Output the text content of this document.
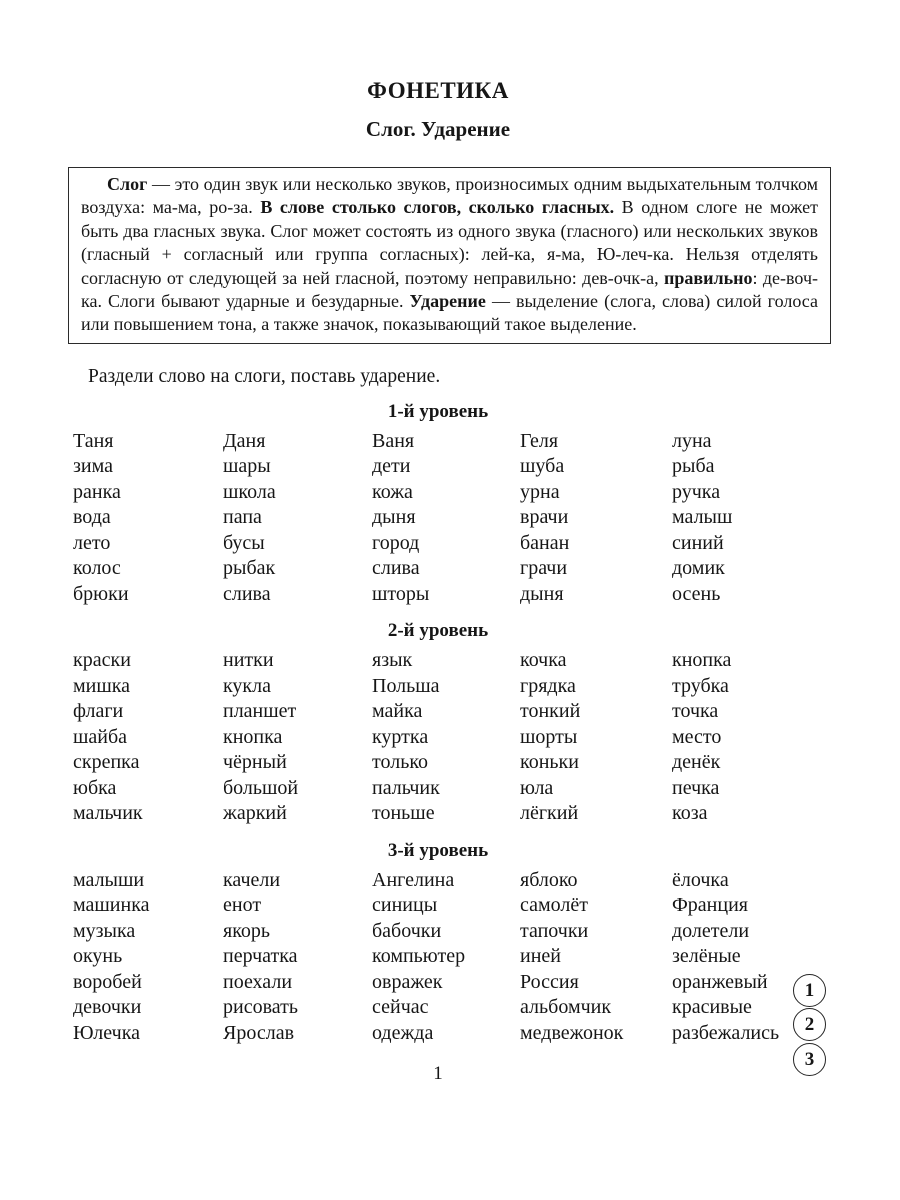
ФОНЕТИКА
Слог. Ударение

Слог — это один звук или несколько звуков, произносимых одним выдыхательным толчком воздуха: ма-ма, ро-за. В слове столько слогов, сколько гласных. В одном слоге не может быть два гласных звука. Слог может состоять из одного звука (гласного) или нескольких звуков (гласный + согласный или группа согласных): лей-ка, я-ма, Ю-леч-ка. Нельзя отделять согласную от следующей за ней гласной, поэтому неправильно: дев-очк-а, правильно: де-воч-ка. Слоги бывают ударные и безударные. Ударение — выделение (слога, слова) силой голоса или повышением тона, а также значок, показывающий такое выделение.

Раздели слово на слоги, поставь ударение.

1-й уровень
Таня	Даня	Ваня	Геля	луна
зима	шары	дети	шуба	рыба
ранка	школа	кожа	урна	ручка
вода	папа	дыня	врачи	малыш
лето	бусы	город	банан	синий
колос	рыбак	слива	грачи	домик
брюки	слива	шторы	дыня	осень
2-й уровень
краски	нитки	язык	кочка	кнопка
мишка	кукла	Польша	грядка	трубка
флаги	планшет	майка	тонкий	точка
шайба	кнопка	куртка	шорты	место
скрепка	чёрный	только	коньки	денёк
юбка	большой	пальчик	юла	печка
мальчик	жаркий	тоньше	лёгкий	коза
3-й уровень
малыши	качели	Ангелина	яблоко	ёлочка
машинка	енот	синицы	самолёт	Франция
музыка	якорь	бабочки	тапочки	долетели
окунь	перчатка	компьютер	иней	зелёные
воробей	поехали	овражек	Россия	оранжевый
девочки	рисовать	сейчас	альбомчик	красивые
Юлечка	Ярослав	одежда	медвежонок	разбежались
1
2
3
1
